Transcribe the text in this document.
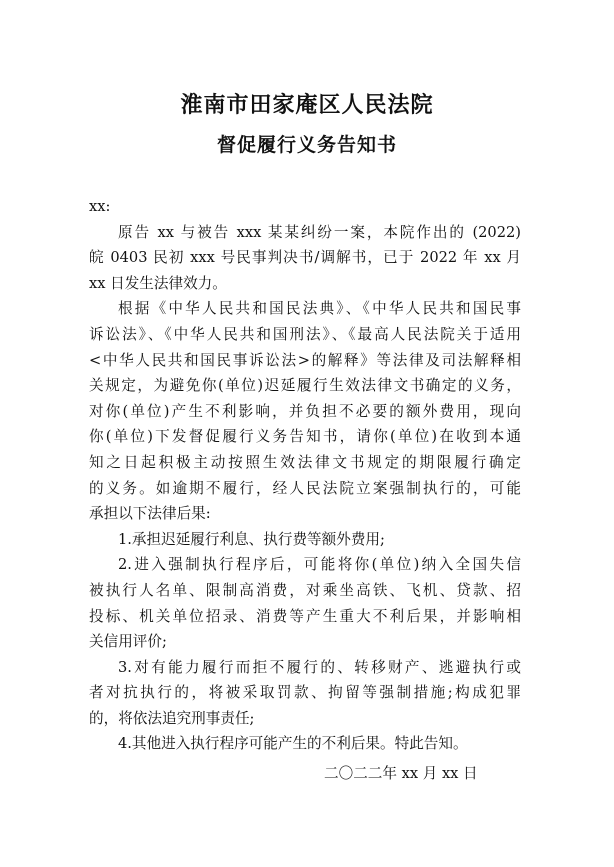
淮南市田家庵区人民法院
督促履行义务告知书
xx:
原告 xx 与被告 xxx 某某纠纷一案，本院作出的 (2022)
皖 0403 民初 xxx 号民事判决书/调解书，已于 2022 年 xx 月
xx 日发生法律效力。
根据《中华人民共和国民法典》、《中华人民共和国民事
诉讼法》、《中华人民共和国刑法》、《最高人民法院关于适用
<中华人民共和国民事诉讼法>的解释》等法律及司法解释相
关规定，为避免你(单位)迟延履行生效法律文书确定的义务，
对你(单位)产生不利影响，并负担不必要的额外费用，现向
你(单位)下发督促履行义务告知书，请你(单位)在收到本通
知之日起积极主动按照生效法律文书规定的期限履行确定
的义务。如逾期不履行，经人民法院立案强制执行的，可能
承担以下法律后果:
1.承担迟延履行利息、执行费等额外费用;
2.进入强制执行程序后，可能将你(单位)纳入全国失信
被执行人名单、限制高消费，对乘坐高铁、飞机、贷款、招
投标、机关单位招录、消费等产生重大不利后果，并影响相
关信用评价;
3.对有能力履行而拒不履行的、转移财产、逃避执行或
者对抗执行的，将被采取罚款、拘留等强制措施;构成犯罪
的，将依法追究刑事责任;
4.其他进入执行程序可能产生的不利后果。特此告知。
二〇二二年 xx 月 xx 日
